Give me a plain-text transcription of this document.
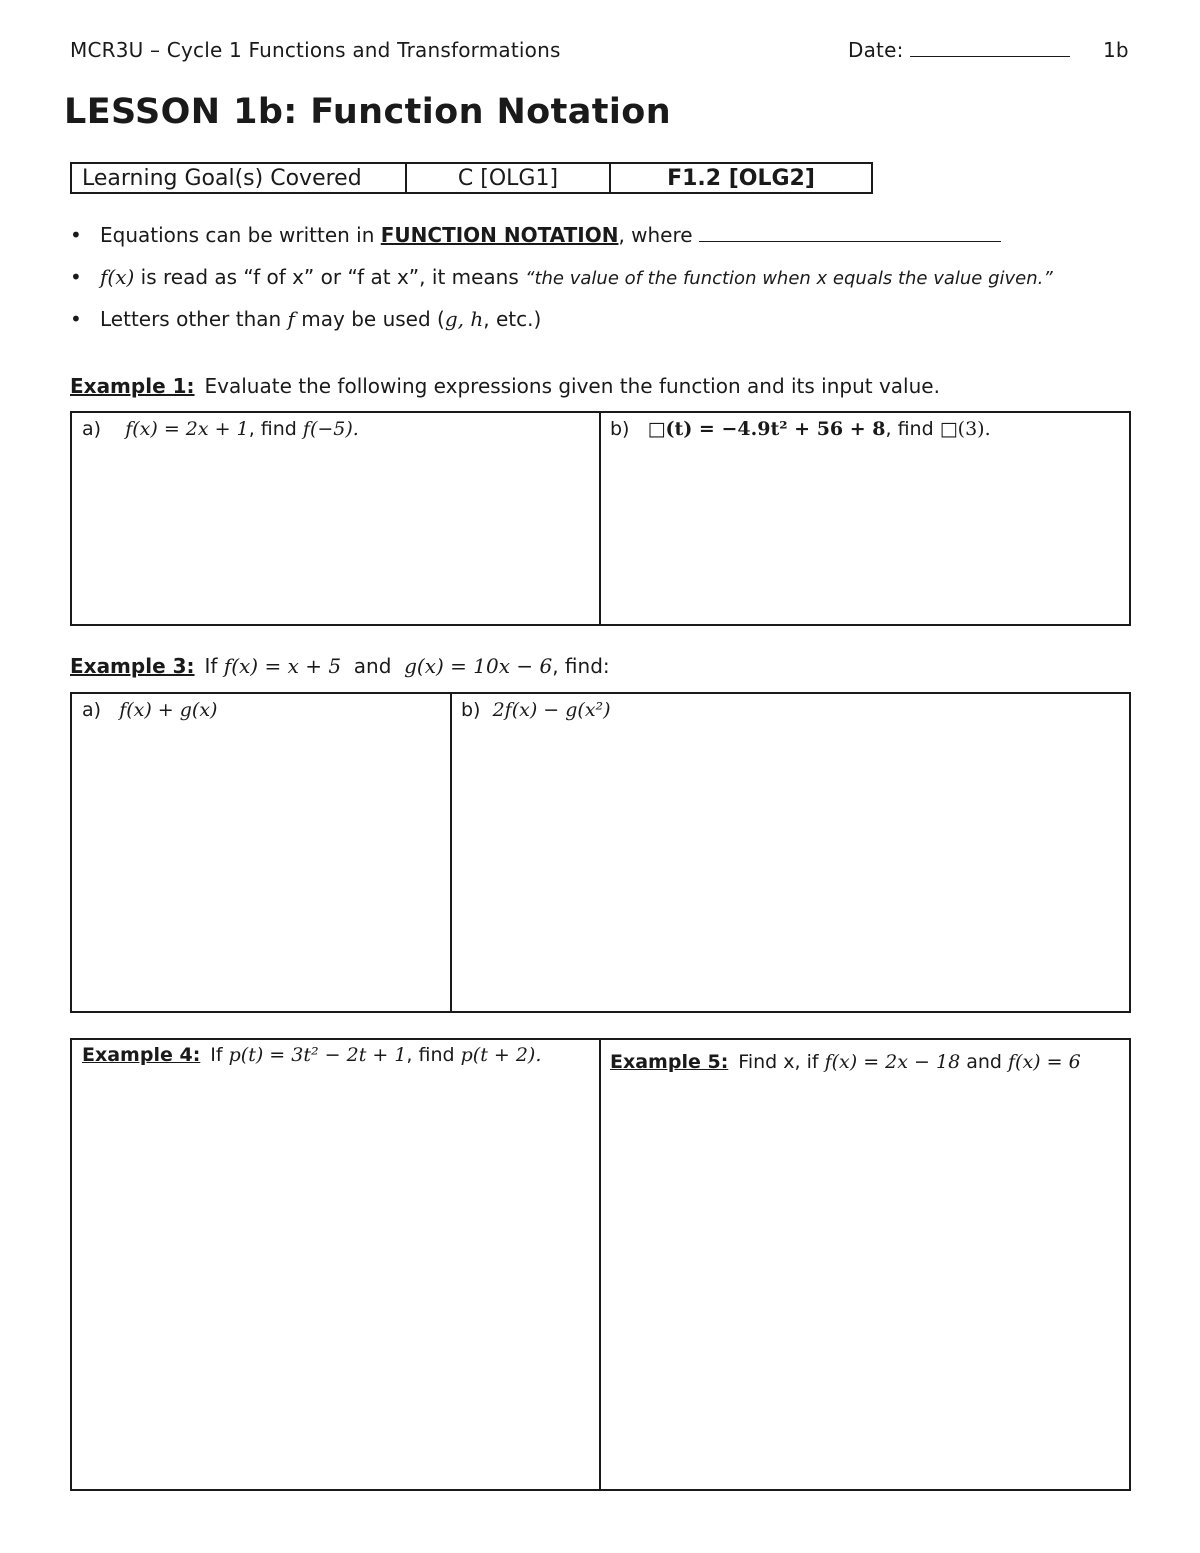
MCR3U – Cycle 1 Functions and Transformations	Date:	1b
LESSON 1b: Function Notation
Learning Goal(s) Covered	C [OLG1]	F1.2 [OLG2]
• Equations can be written in FUNCTION NOTATION, where
• f(x) is read as “f of x” or “f at x”, it means “the value of the function when x equals the value given.”
• Letters other than f may be used (g, h, etc.)
Example 1: Evaluate the following expressions given the function and its input value.
a) f(x) = 2x + 1, find f(−5).	b) □(t) = −4.9t² + 56 + 8, find □(3).
Example 3: If f(x) = x + 5  and  g(x) = 10x − 6, find:
a) f(x) + g(x)	b) 2f(x) − g(x²)
Example 4: If p(t) = 3t² − 2t + 1, find p(t + 2).	Example 5: Find x, if f(x) = 2x − 18 and f(x) = 6
